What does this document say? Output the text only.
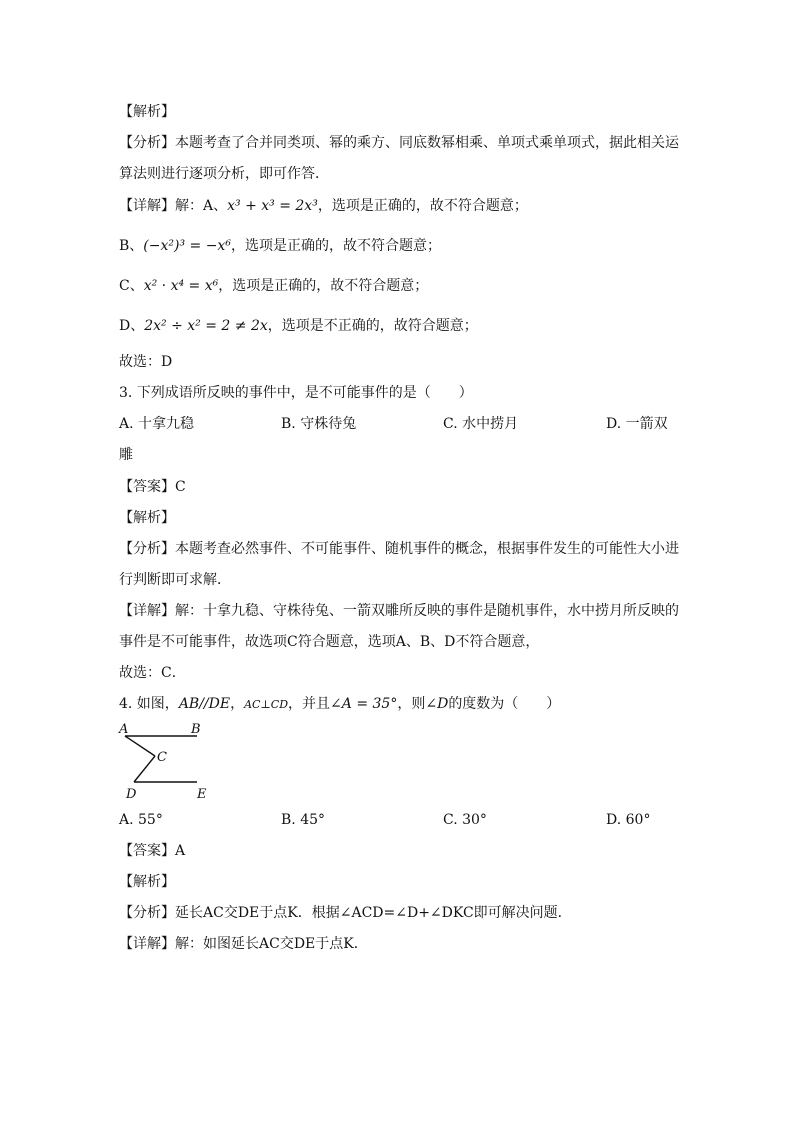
【解析】
【分析】本题考查了合并同类项、幂的乘方、同底数幂相乘、单项式乘单项式，据此相关运
算法则进行逐项分析，即可作答．
【详解】解：A、x³ + x³ = 2x³，选项是正确的，故不符合题意；
B、(−x²)³ = −x⁶，选项是正确的，故不符合题意；
C、x² · x⁴ = x⁶，选项是正确的，故不符合题意；
D、2x² ÷ x² = 2 ≠ 2x，选项是不正确的，故符合题意；
故选：D
3. 下列成语所反映的事件中，是不可能事件的是（　　）
A. 十拿九稳	B. 守株待兔	C. 水中捞月	D. 一箭双
雕
【答案】C
【解析】
【分析】本题考查必然事件、不可能事件、随机事件的概念，根据事件发生的可能性大小进
行判断即可求解．
【详解】解：十拿九稳、守株待兔、一箭双雕所反映的事件是随机事件，水中捞月所反映的
事件是不可能事件，故选项C符合题意，选项A、B、D不符合题意，
故选：C．
4. 如图，AB//DE，AC⊥CD，并且∠A = 35°，则∠D的度数为（　　）
A	B
C
D	E
A. 55°	B. 45°	C. 30°	D. 60°
【答案】A
【解析】
【分析】延长AC交DE于点K．根据∠ACD=∠D+∠DKC即可解决问题．
【详解】解：如图延长AC交DE于点K．
